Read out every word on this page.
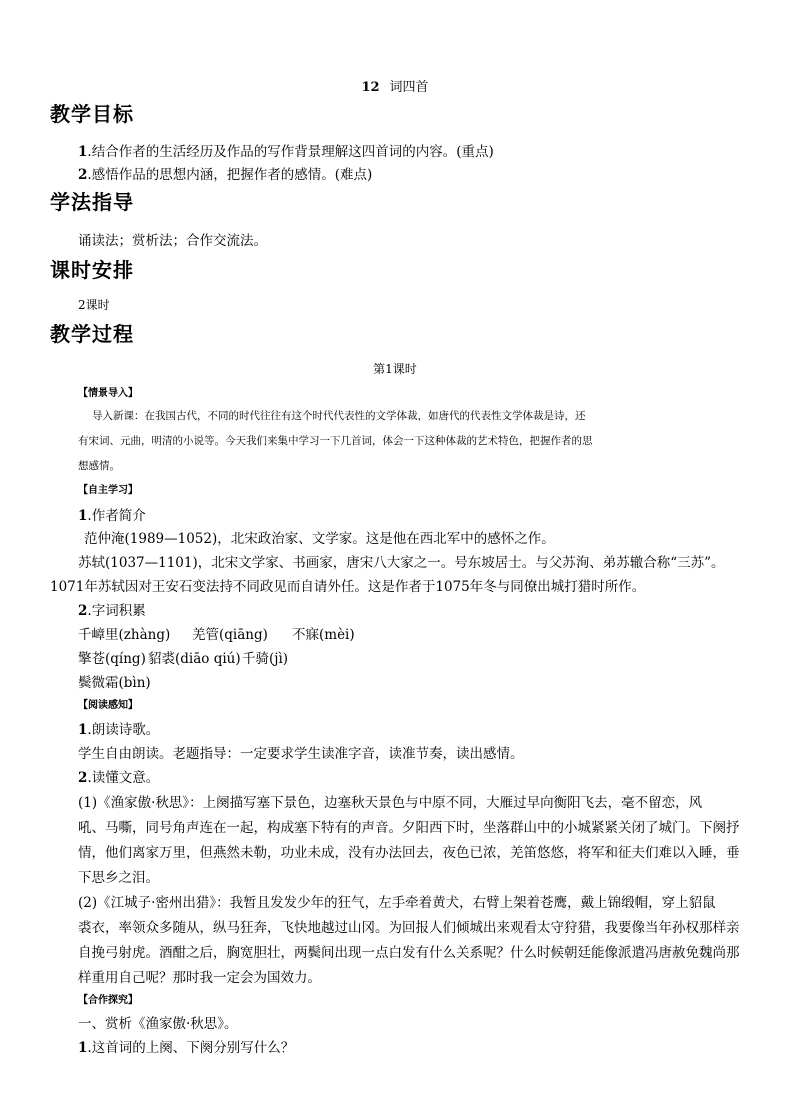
12 词四首
教学目标
1.结合作者的生活经历及作品的写作背景理解这四首词的内容。(重点)
2.感悟作品的思想内涵，把握作者的感情。(难点)
学法指导
诵读法；赏析法；合作交流法。
课时安排
2课时
教学过程
第1课时
【情景导入】
导入新课：在我国古代，不同的时代往往有这个时代代表性的文学体裁，如唐代的代表性文学体裁是诗，还
有宋词、元曲，明清的小说等。今天我们来集中学习一下几首词，体会一下这种体裁的艺术特色，把握作者的思
想感情。
【自主学习】
1.作者简介
范仲淹(1989—1052)，北宋政治家、文学家。这是他在西北军中的感怀之作。
苏轼(1037—1101)，北宋文学家、书画家，唐宋八大家之一。号东坡居士。与父苏洵、弟苏辙合称“三苏”。
1071年苏轼因对王安石变法持不同政见而自请外任。这是作者于1075年冬与同僚出城打猎时所作。
2.字词积累
千嶂里(zhàng) 羌管(qiāng) 不寐(mèi)
擎苍(qíng) 貂裘(diāo qiú) 千骑(jì)
鬓微霜(bìn)
【阅读感知】
1.朗读诗歌。
学生自由朗读。老题指导：一定要求学生读准字音，读准节奏，读出感情。
2.读懂文意。
(1)《渔家傲·秋思》：上阕描写塞下景色，边塞秋天景色与中原不同，大雁过早向衡阳飞去，毫不留恋，风
吼、马嘶，同号角声连在一起，构成塞下特有的声音。夕阳西下时，坐落群山中的小城紧紧关闭了城门。下阕抒
情，他们离家万里，但燕然未勒，功业未成，没有办法回去，夜色已浓，羌笛悠悠，将军和征夫们难以入睡，垂
下思乡之泪。
(2)《江城子·密州出猎》：我暂且发发少年的狂气，左手牵着黄犬，右臂上架着苍鹰，戴上锦缎帽，穿上貂鼠
裘衣，率领众多随从，纵马狂奔，飞快地越过山冈。为回报人们倾城出来观看太守狩猎，我要像当年孙权那样亲
自挽弓射虎。酒酣之后，胸宽胆壮，两鬓间出现一点白发有什么关系呢？什么时候朝廷能像派遣冯唐赦免魏尚那
样重用自己呢？那时我一定会为国效力。
【合作探究】
一、赏析《渔家傲·秋思》。
1.这首词的上阕、下阕分别写什么？
